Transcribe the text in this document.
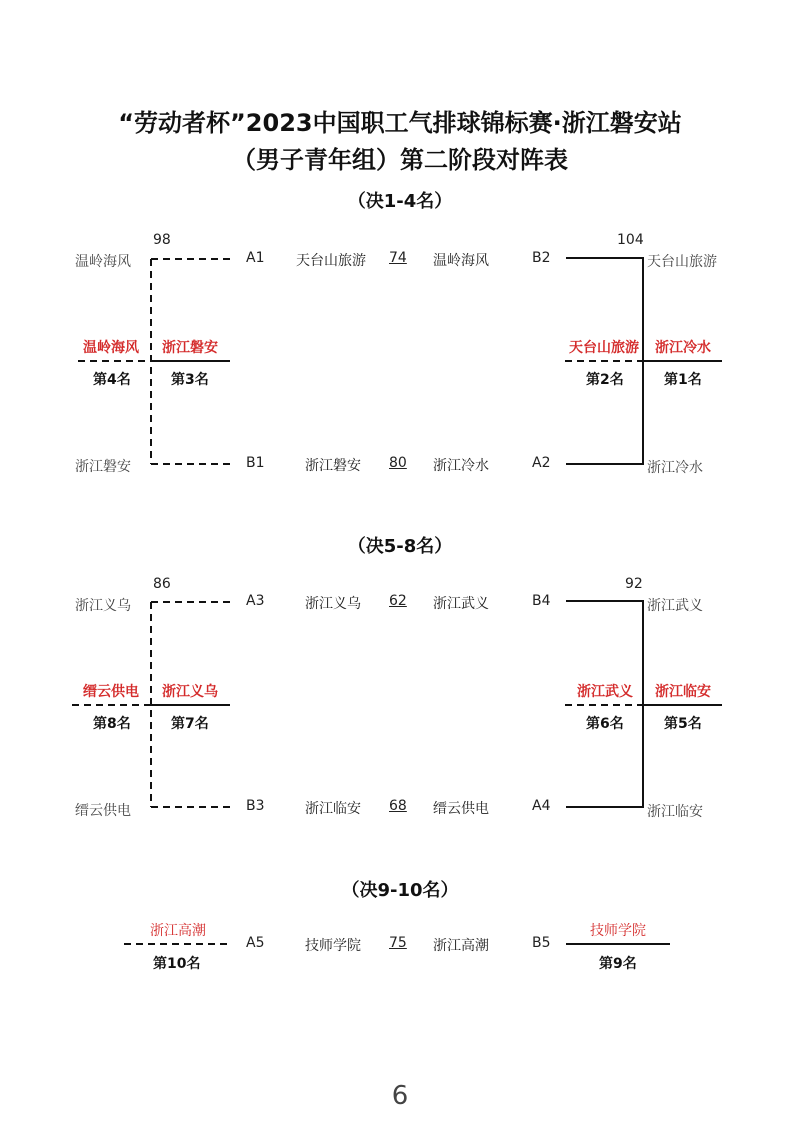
“劳动者杯”2023中国职工气排球锦标赛·浙江磐安站
（男子青年组）第二阶段对阵表
（决1-4名）
98
温岭海风
浙江磐安
温岭海风 浙江磐安
第4名	第3名
A1
B1
天台山旅游 74 温岭海风
浙江磐安 80 浙江冷水
B2
A2
104
天台山旅游
浙江冷水
天台山旅游 浙江冷水
第2名	第1名
（决5-8名）
86
浙江义乌
缙云供电
缙云供电 浙江义乌
第8名	第7名
A3
B3
浙江义乌 62 浙江武义
浙江临安 68 缙云供电
B4
A4
92
浙江武义
浙江临安
浙江武义 浙江临安
第6名	第5名
（决9-10名）
浙江高潮
第10名
A5	技师学院 75 浙江高潮	B5
技师学院
第9名
6
